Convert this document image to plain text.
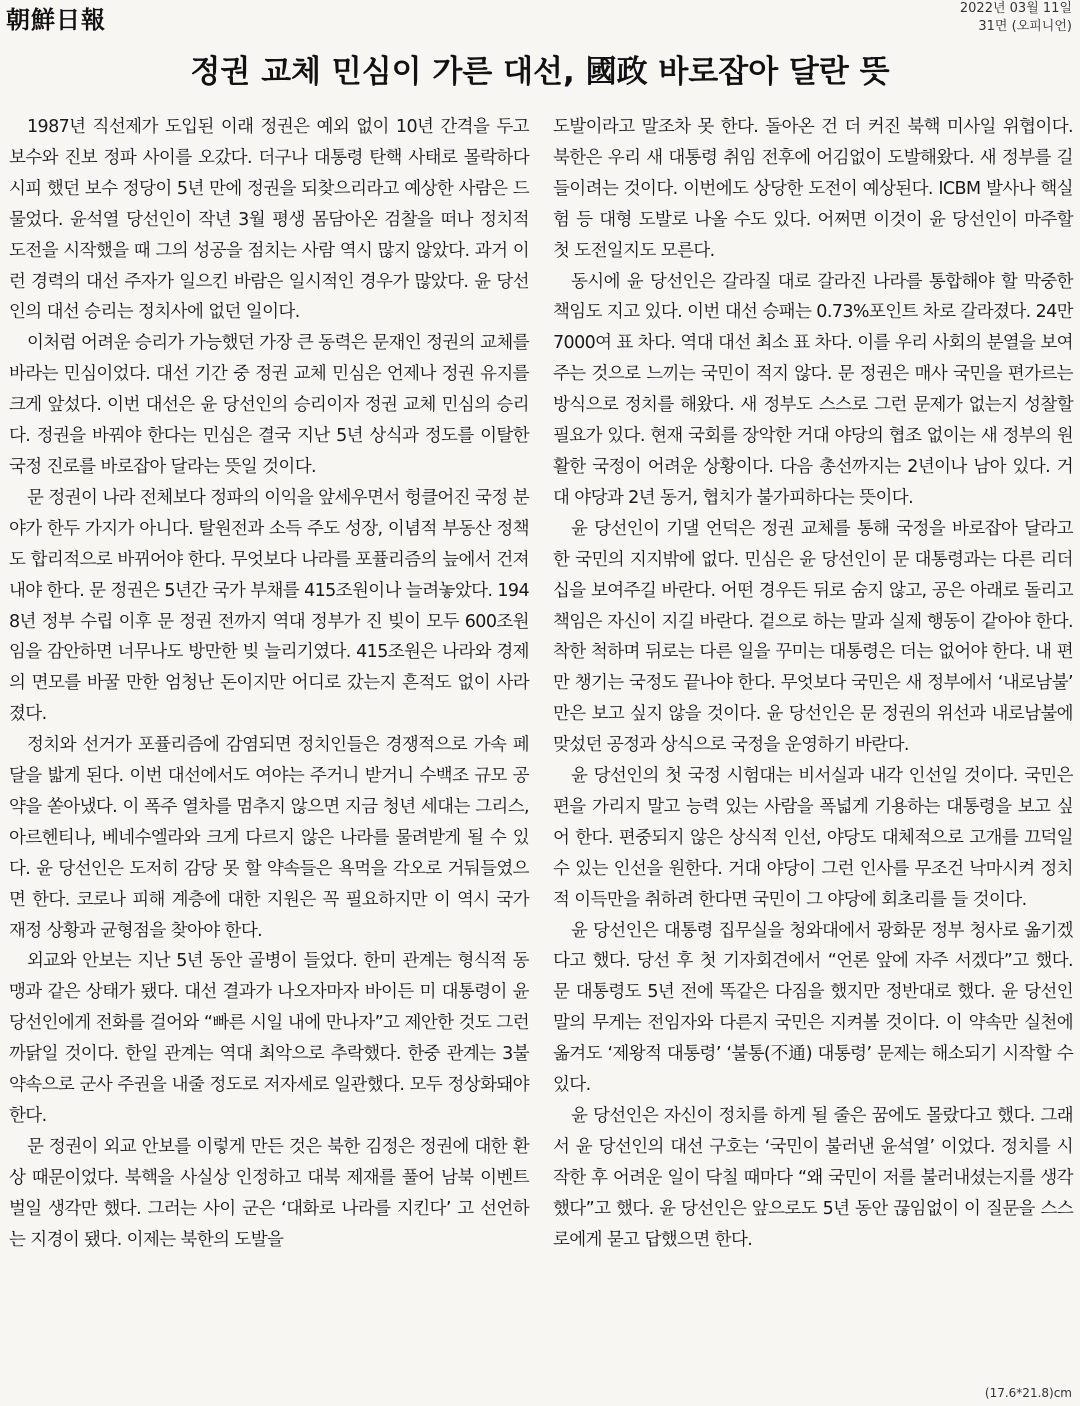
朝鮮日報	2022년 03월 11일
31면 (오피니언)
정권 교체 민심이 가른 대선, 國政 바로잡아 달란 뜻

1987년 직선제가 도입된 이래 정권은 예외 없이 10년 간격을 두고 보수와 진보 정파 사이를 오갔다. 더구나 대통령 탄핵 사태로 몰락하다시피 했던 보수 정당이 5년 만에 정권을 되찾으리라고 예상한 사람은 드물었다. 윤석열 당선인이 작년 3월 평생 몸담아온 검찰을 떠나 정치적 도전을 시작했을 때 그의 성공을 점치는 사람 역시 많지 않았다. 과거 이런 경력의 대선 주자가 일으킨 바람은 일시적인 경우가 많았다. 윤 당선인의 대선 승리는 정치사에 없던 일이다.

이처럼 어려운 승리가 가능했던 가장 큰 동력은 문재인 정권의 교체를 바라는 민심이었다. 대선 기간 중 정권 교체 민심은 언제나 정권 유지를 크게 앞섰다. 이번 대선은 윤 당선인의 승리이자 정권 교체 민심의 승리다. 정권을 바꿔야 한다는 민심은 결국 지난 5년 상식과 정도를 이탈한 국정 진로를 바로잡아 달라는 뜻일 것이다.

문 정권이 나라 전체보다 정파의 이익을 앞세우면서 헝클어진 국정 분야가 한두 가지가 아니다. 탈원전과 소득 주도 성장, 이념적 부동산 정책도 합리적으로 바뀌어야 한다. 무엇보다 나라를 포퓰리즘의 늪에서 건져내야 한다. 문 정권은 5년간 국가 부채를 415조원이나 늘려놓았다. 1948년 정부 수립 이후 문 정권 전까지 역대 정부가 진 빚이 모두 600조원임을 감안하면 너무나도 방만한 빚 늘리기였다. 415조원은 나라와 경제의 면모를 바꿀 만한 엄청난 돈이지만 어디로 갔는지 흔적도 없이 사라졌다.

정치와 선거가 포퓰리즘에 감염되면 정치인들은 경쟁적으로 가속 페달을 밟게 된다. 이번 대선에서도 여야는 주거니 받거니 수백조 규모 공약을 쏟아냈다. 이 폭주 열차를 멈추지 않으면 지금 청년 세대는 그리스, 아르헨티나, 베네수엘라와 크게 다르지 않은 나라를 물려받게 될 수 있다. 윤 당선인은 도저히 감당 못 할 약속들은 욕먹을 각오로 거둬들였으면 한다. 코로나 피해 계층에 대한 지원은 꼭 필요하지만 이 역시 국가 재정 상황과 균형점을 찾아야 한다.

외교와 안보는 지난 5년 동안 골병이 들었다. 한미 관계는 형식적 동맹과 같은 상태가 됐다. 대선 결과가 나오자마자 바이든 미 대통령이 윤 당선인에게 전화를 걸어와 “빠른 시일 내에 만나자”고 제안한 것도 그런 까닭일 것이다. 한일 관계는 역대 최악으로 추락했다. 한중 관계는 3불 약속으로 군사 주권을 내줄 정도로 저자세로 일관했다. 모두 정상화돼야 한다.

문 정권이 외교 안보를 이렇게 만든 것은 북한 김정은 정권에 대한 환상 때문이었다. 북핵을 사실상 인정하고 대북 제재를 풀어 남북 이벤트 벌일 생각만 했다. 그러는 사이 군은 ‘대화로 나라를 지킨다’ 고 선언하는 지경이 됐다. 이제는 북한의 도발을

도발이라고 말조차 못 한다. 돌아온 건 더 커진 북핵 미사일 위협이다. 북한은 우리 새 대통령 취임 전후에 어김없이 도발해왔다. 새 정부를 길들이려는 것이다. 이번에도 상당한 도전이 예상된다. ICBM 발사나 핵실험 등 대형 도발로 나올 수도 있다. 어쩌면 이것이 윤 당선인이 마주할 첫 도전일지도 모른다.

동시에 윤 당선인은 갈라질 대로 갈라진 나라를 통합해야 할 막중한 책임도 지고 있다. 이번 대선 승패는 0.73%포인트 차로 갈라졌다. 24만7000여 표 차다. 역대 대선 최소 표 차다. 이를 우리 사회의 분열을 보여주는 것으로 느끼는 국민이 적지 않다. 문 정권은 매사 국민을 편가르는 방식으로 정치를 해왔다. 새 정부도 스스로 그런 문제가 없는지 성찰할 필요가 있다. 현재 국회를 장악한 거대 야당의 협조 없이는 새 정부의 원활한 국정이 어려운 상황이다. 다음 총선까지는 2년이나 남아 있다. 거대 야당과 2년 동거, 협치가 불가피하다는 뜻이다.

윤 당선인이 기댈 언덕은 정권 교체를 통해 국정을 바로잡아 달라고 한 국민의 지지밖에 없다. 민심은 윤 당선인이 문 대통령과는 다른 리더십을 보여주길 바란다. 어떤 경우든 뒤로 숨지 않고, 공은 아래로 돌리고 책임은 자신이 지길 바란다. 겉으로 하는 말과 실제 행동이 같아야 한다. 착한 척하며 뒤로는 다른 일을 꾸미는 대통령은 더는 없어야 한다. 내 편만 챙기는 국정도 끝나야 한다. 무엇보다 국민은 새 정부에서 ‘내로남불’ 만은 보고 싶지 않을 것이다. 윤 당선인은 문 정권의 위선과 내로남불에 맞섰던 공정과 상식으로 국정을 운영하기 바란다.

윤 당선인의 첫 국정 시험대는 비서실과 내각 인선일 것이다. 국민은 편을 가리지 말고 능력 있는 사람을 폭넓게 기용하는 대통령을 보고 싶어 한다. 편중되지 않은 상식적 인선, 야당도 대체적으로 고개를 끄덕일 수 있는 인선을 원한다. 거대 야당이 그런 인사를 무조건 낙마시켜 정치적 이득만을 취하려 한다면 국민이 그 야당에 회초리를 들 것이다.

윤 당선인은 대통령 집무실을 청와대에서 광화문 정부 청사로 옮기겠다고 했다. 당선 후 첫 기자회견에서 “언론 앞에 자주 서겠다”고 했다. 문 대통령도 5년 전에 똑같은 다짐을 했지만 정반대로 했다. 윤 당선인 말의 무게는 전임자와 다른지 국민은 지켜볼 것이다. 이 약속만 실천에 옮겨도 ‘제왕적 대통령’ ‘불통(不通) 대통령’ 문제는 해소되기 시작할 수 있다.

윤 당선인은 자신이 정치를 하게 될 줄은 꿈에도 몰랐다고 했다. 그래서 윤 당선인의 대선 구호는 ‘국민이 불러낸 윤석열’ 이었다. 정치를 시작한 후 어려운 일이 닥칠 때마다 “왜 국민이 저를 불러내셨는지를 생각했다”고 했다. 윤 당선인은 앞으로도 5년 동안 끊임없이 이 질문을 스스로에게 묻고 답했으면 한다.

(17.6*21.8)cm
